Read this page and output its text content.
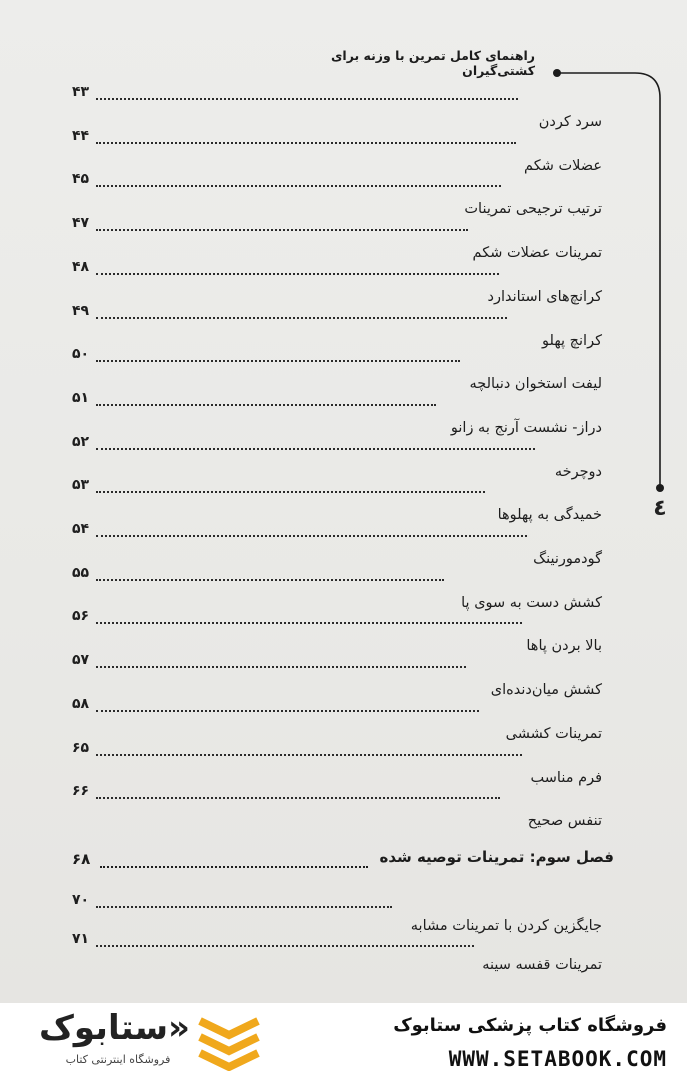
راهنمای کامل تمرین با وزنه برای کشتی‌گیران
٤
۴۳
سرد کردن
۴۴
عضلات شکم
۴۵
ترتیب ترجیحی تمرینات
۴۷
تمرینات عضلات شکم
۴۸
کرانچ‌های استاندارد
۴۹
کرانچ پهلو
۵۰
لیفت استخوان دنبالچه
۵۱
دراز- نشست آرنج به زانو
۵۲
دوچرخه
۵۳
خمیدگی به پهلوها
۵۴
گودمورنینگ
۵۵
کشش دست به سوی پا
۵۶
بالا بردن پاها
۵۷
کشش میان‌دنده‌ای
۵۸
تمرینات کششی
۶۵
فرم مناسب
۶۶
تنفس صحیح
۶۸	فصل سوم: تمرینات توصیه شده
۷۰
جایگزین کردن با تمرینات مشابه
۷۱
تمرینات قفسه سینه
«ستابوک
فروشگاه اینترنتی کتاب
فروشگاه کتاب پزشکی ستابوک
WWW.SETABOOK.COM
